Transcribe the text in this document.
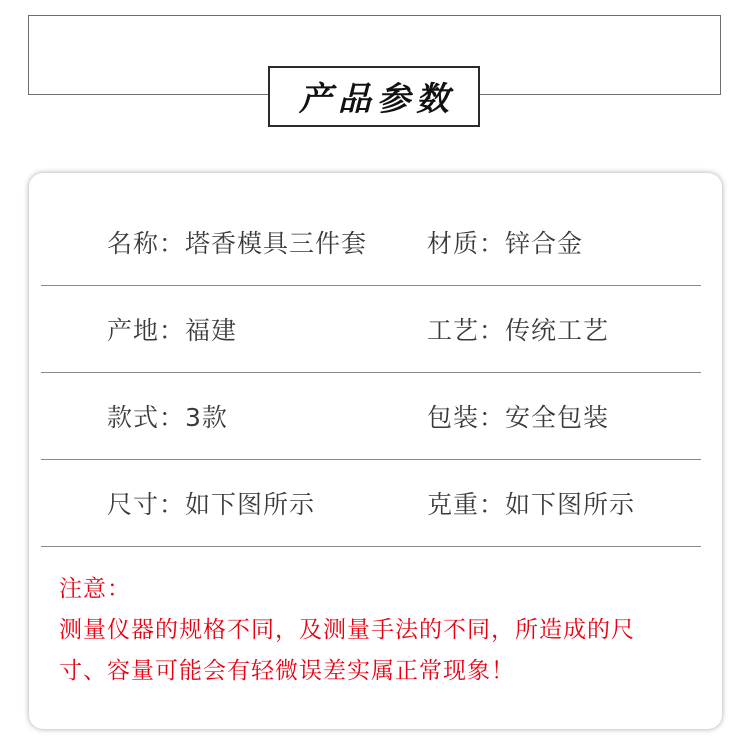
产品参数
名称： 塔香模具三件套 材质： 锌合金
产地： 福建	工艺： 传统工艺
款式： 3款	包装： 安全包装
尺寸： 如下图所示	克重： 如下图所示
注意：
测量仪器的规格不同，及测量手法的不同，所造成的尺
寸、容量可能会有轻微误差实属正常现象！
